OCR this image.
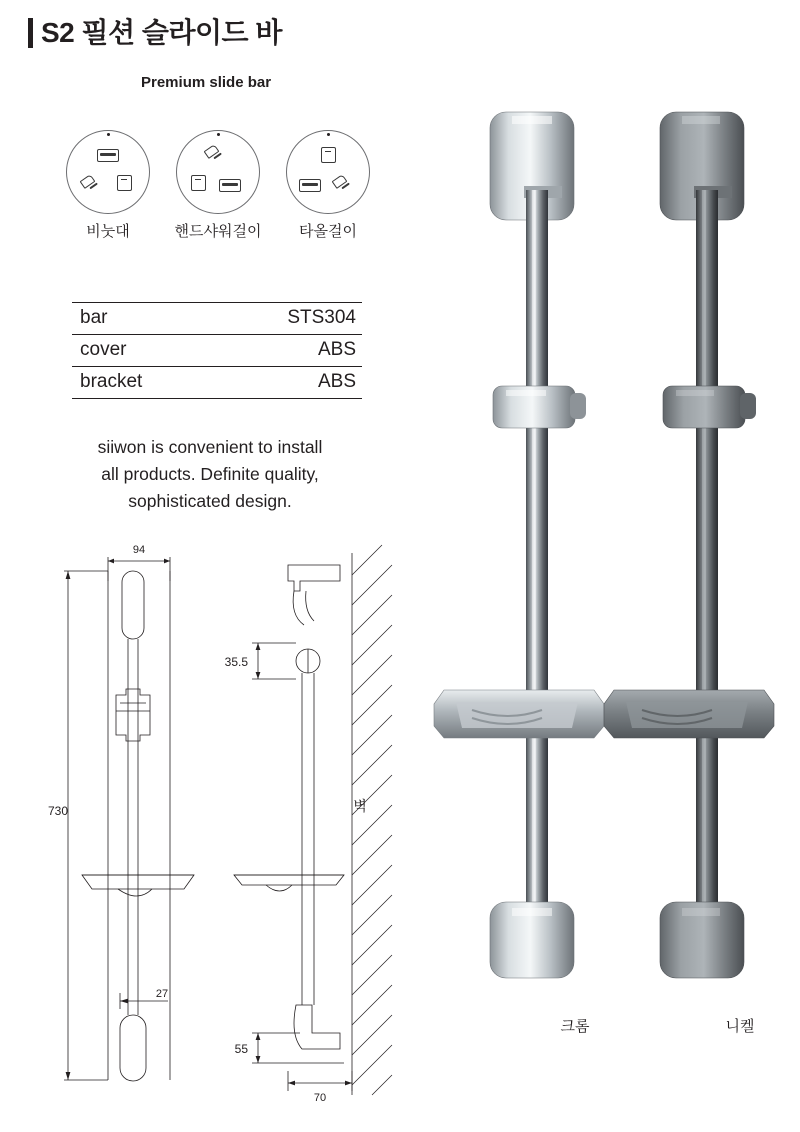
S2 필션 슬라이드 바
Premium slide bar
비눗대	핸드샤워걸이	타올걸이
bar	STS304
cover	ABS
bracket	ABS
siiwon is convenient to install
all products. Definite quality,
sophisticated design.
94
730
27
35.5
55
70
벽
크롬	니켈
